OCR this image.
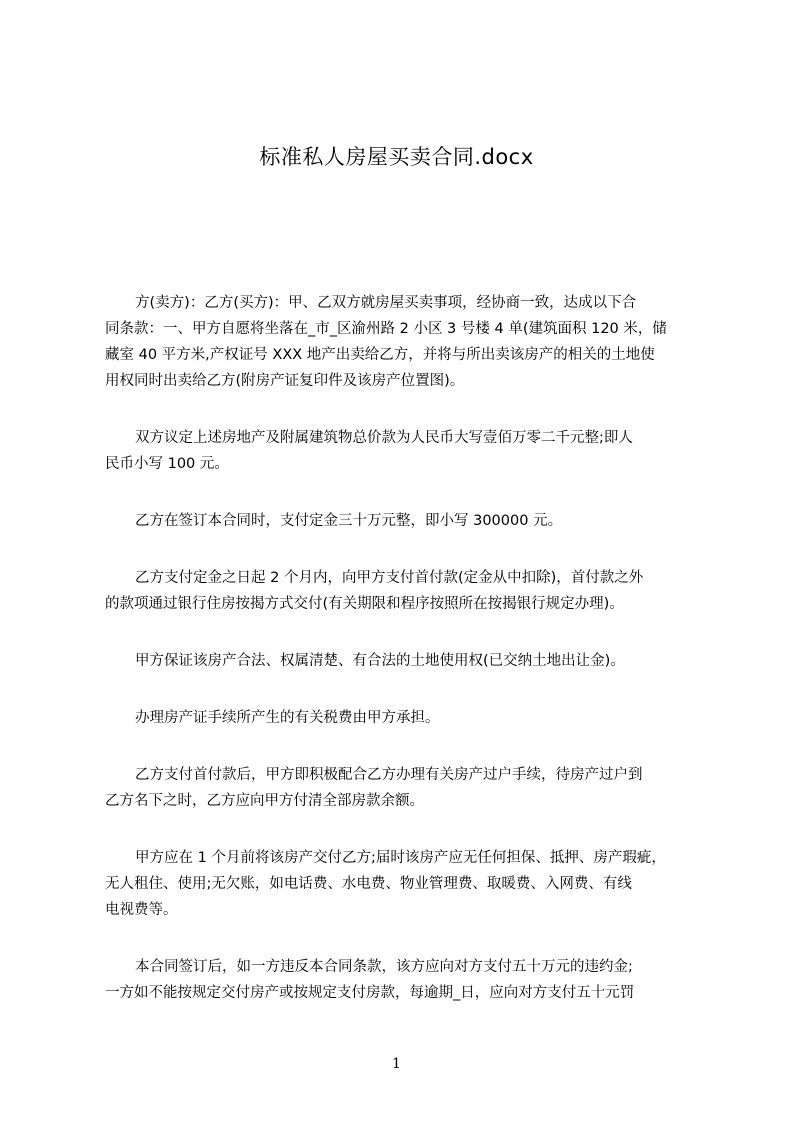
标准私人房屋买卖合同.docx

方(卖方)：乙方(买方)：甲、乙双方就房屋买卖事项，经协商一致，达成以下合
同条款：一、甲方自愿将坐落在_市_区渝州路 2 小区 3 号楼 4 单(建筑面积 120 米，储
藏室 40 平方米,产权证号 XXX 地产出卖给乙方，并将与所出卖该房产的相关的土地使
用权同时出卖给乙方(附房产证复印件及该房产位置图)。

双方议定上述房地产及附属建筑物总价款为人民币大写壹佰万零二千元整;即人
民币小写 100 元。

乙方在签订本合同时，支付定金三十万元整，即小写 300000 元。

乙方支付定金之日起 2 个月内，向甲方支付首付款(定金从中扣除)，首付款之外
的款项通过银行住房按揭方式交付(有关期限和程序按照所在按揭银行规定办理)。

甲方保证该房产合法、权属清楚、有合法的土地使用权(已交纳土地出让金)。

办理房产证手续所产生的有关税费由甲方承担。

乙方支付首付款后，甲方即积极配合乙方办理有关房产过户手续，待房产过户到
乙方名下之时，乙方应向甲方付清全部房款余额。

甲方应在 1 个月前将该房产交付乙方;届时该房产应无任何担保、抵押、房产瑕疵，
无人租住、使用;无欠账，如电话费、水电费、物业管理费、取暖费、入网费、有线
电视费等。

本合同签订后，如一方违反本合同条款，该方应向对方支付五十万元的违约金;
一方如不能按规定交付房产或按规定支付房款，每逾期_日，应向对方支付五十元罚

1
